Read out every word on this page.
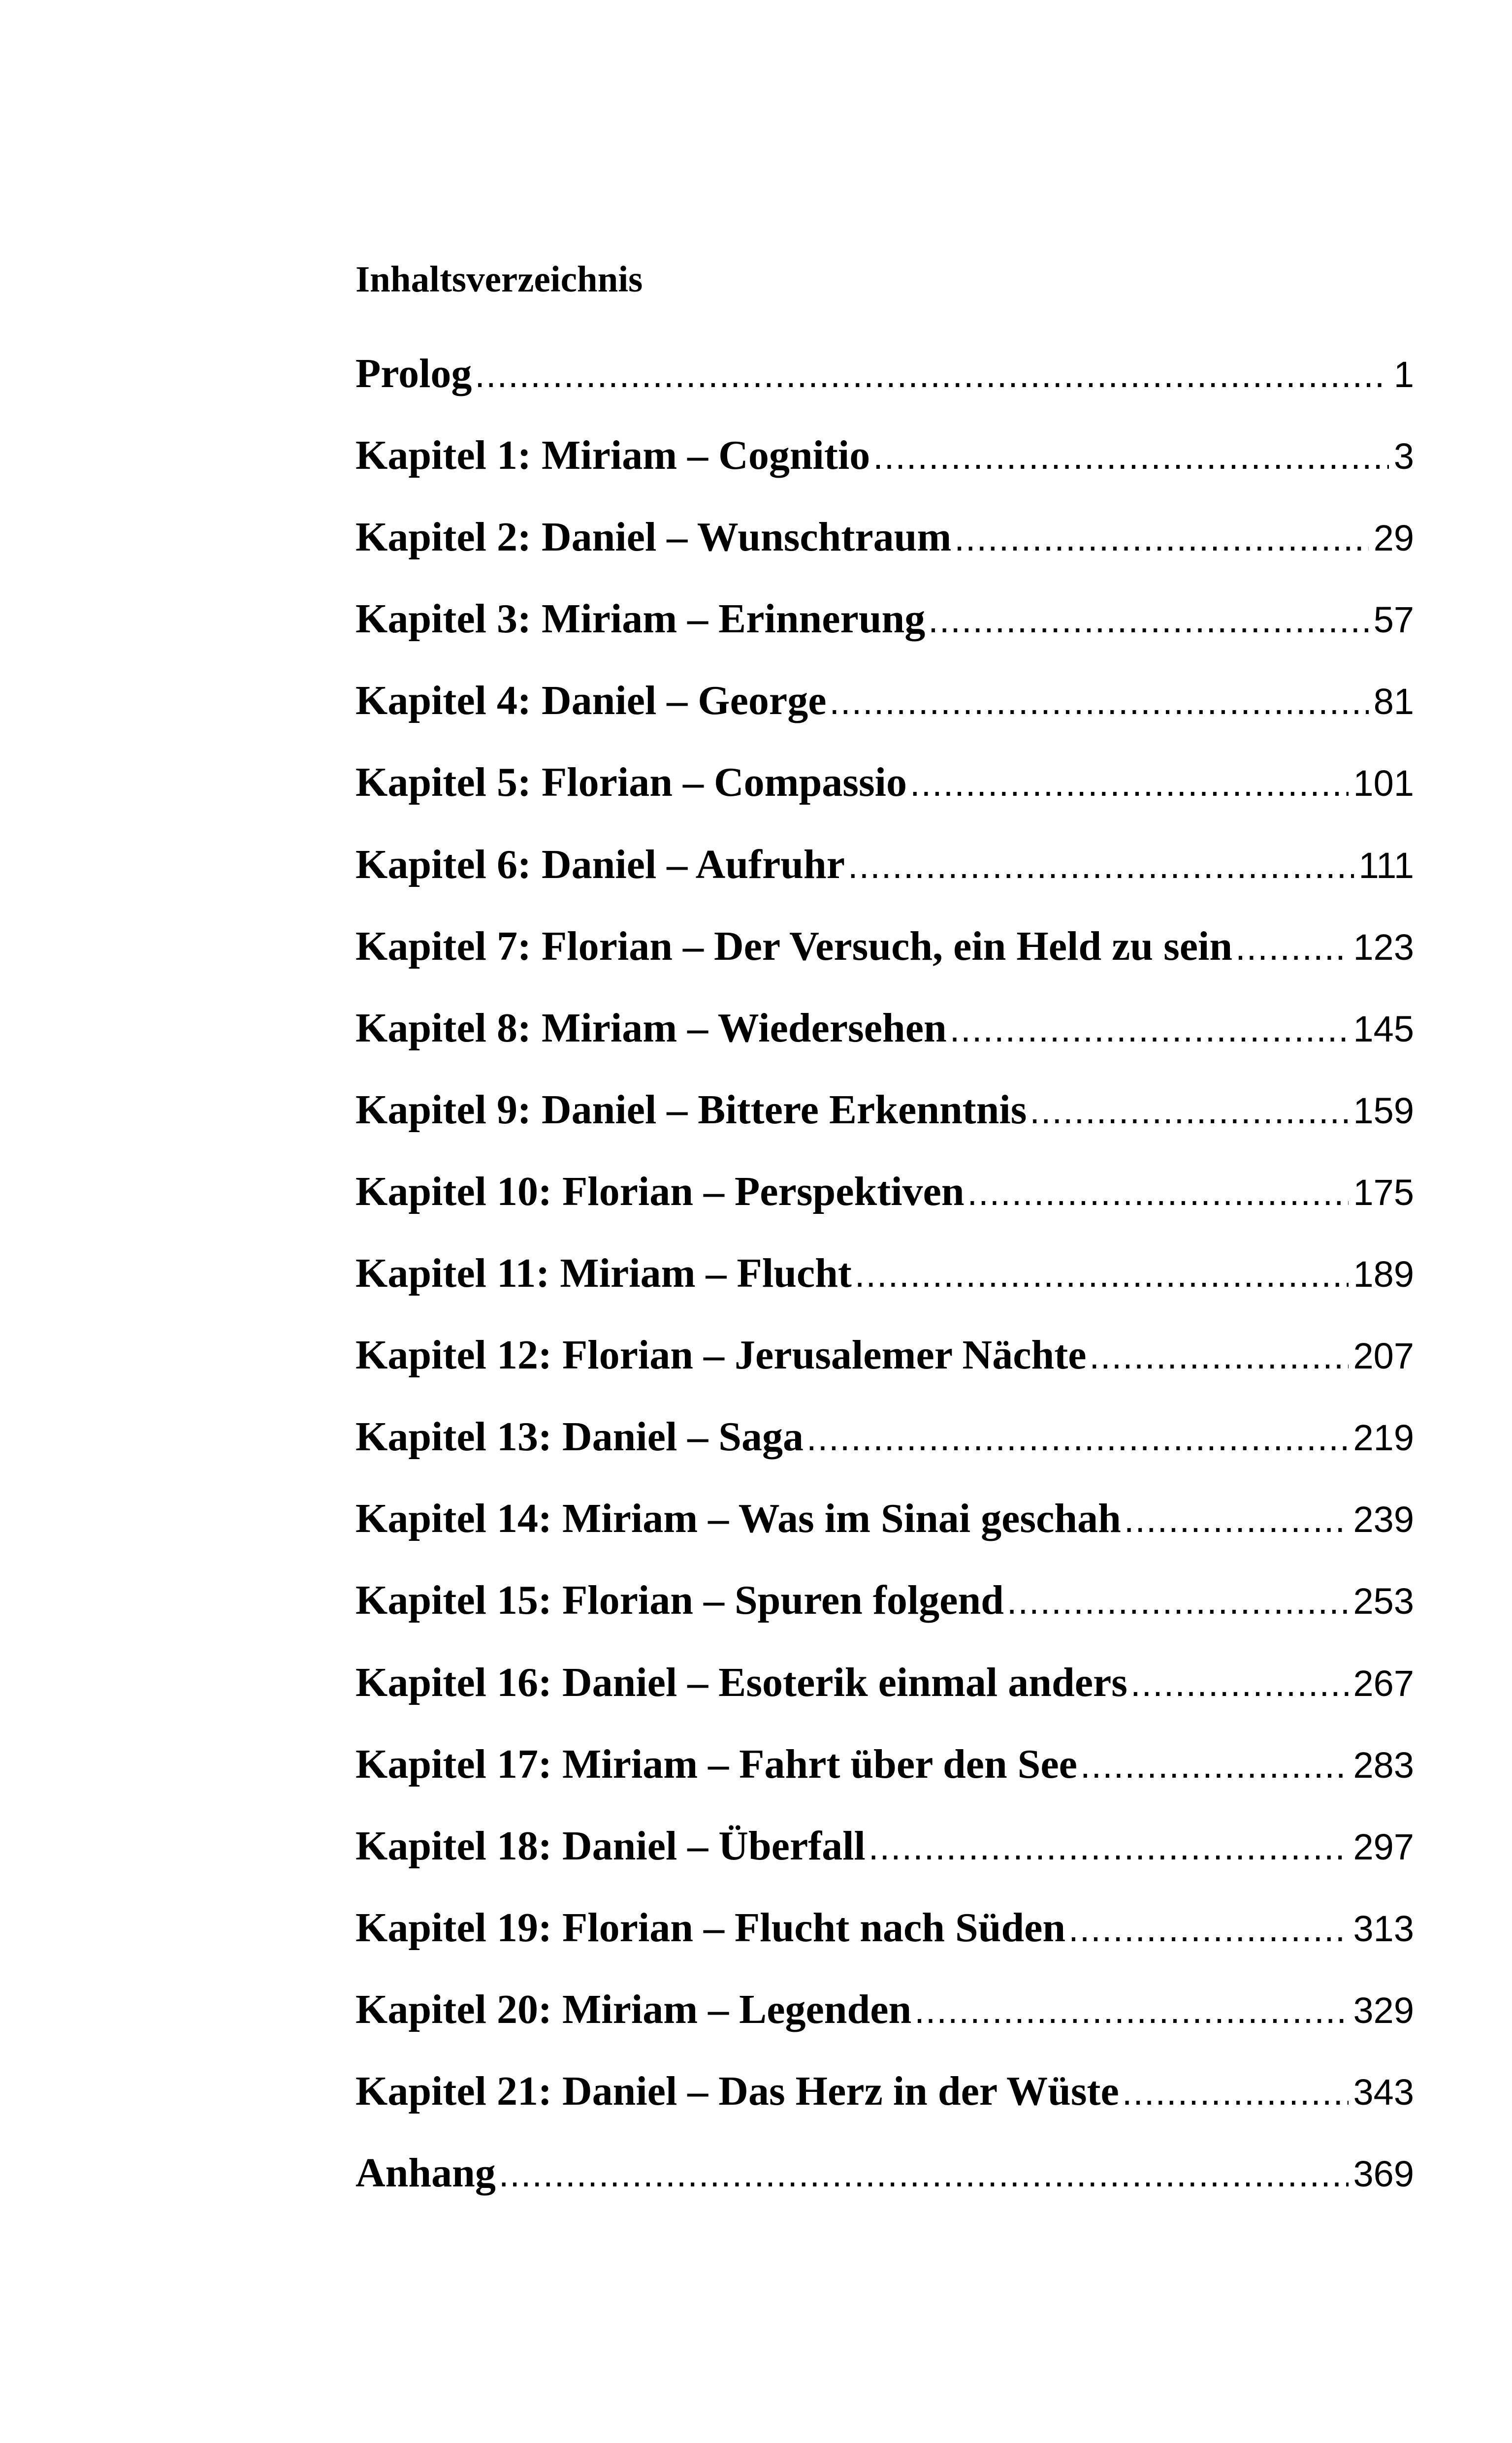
Inhaltsverzeichnis
Prolog .....	1
Kapitel 1: Miriam – Cognitio .....	3
Kapitel 2: Daniel – Wunschtraum .....	29
Kapitel 3: Miriam – Erinnerung .....	57
Kapitel 4: Daniel – George .....	81
Kapitel 5: Florian – Compassio .....	101
Kapitel 6: Daniel – Aufruhr .....	111
Kapitel 7: Florian – Der Versuch, ein Held zu sein .....	123
Kapitel 8: Miriam – Wiedersehen .....	145
Kapitel 9: Daniel – Bittere Erkenntnis .....	159
Kapitel 10: Florian – Perspektiven .....	175
Kapitel 11: Miriam – Flucht .....	189
Kapitel 12: Florian – Jerusalemer Nächte .....	207
Kapitel 13: Daniel – Saga .....	219
Kapitel 14: Miriam – Was im Sinai geschah .....	239
Kapitel 15: Florian – Spuren folgend .....	253
Kapitel 16: Daniel – Esoterik einmal anders .....	267
Kapitel 17: Miriam – Fahrt über den See .....	283
Kapitel 18: Daniel – Überfall .....	297
Kapitel 19: Florian – Flucht nach Süden .....	313
Kapitel 20: Miriam – Legenden .....	329
Kapitel 21: Daniel – Das Herz in der Wüste .....	343
Anhang .....	369
